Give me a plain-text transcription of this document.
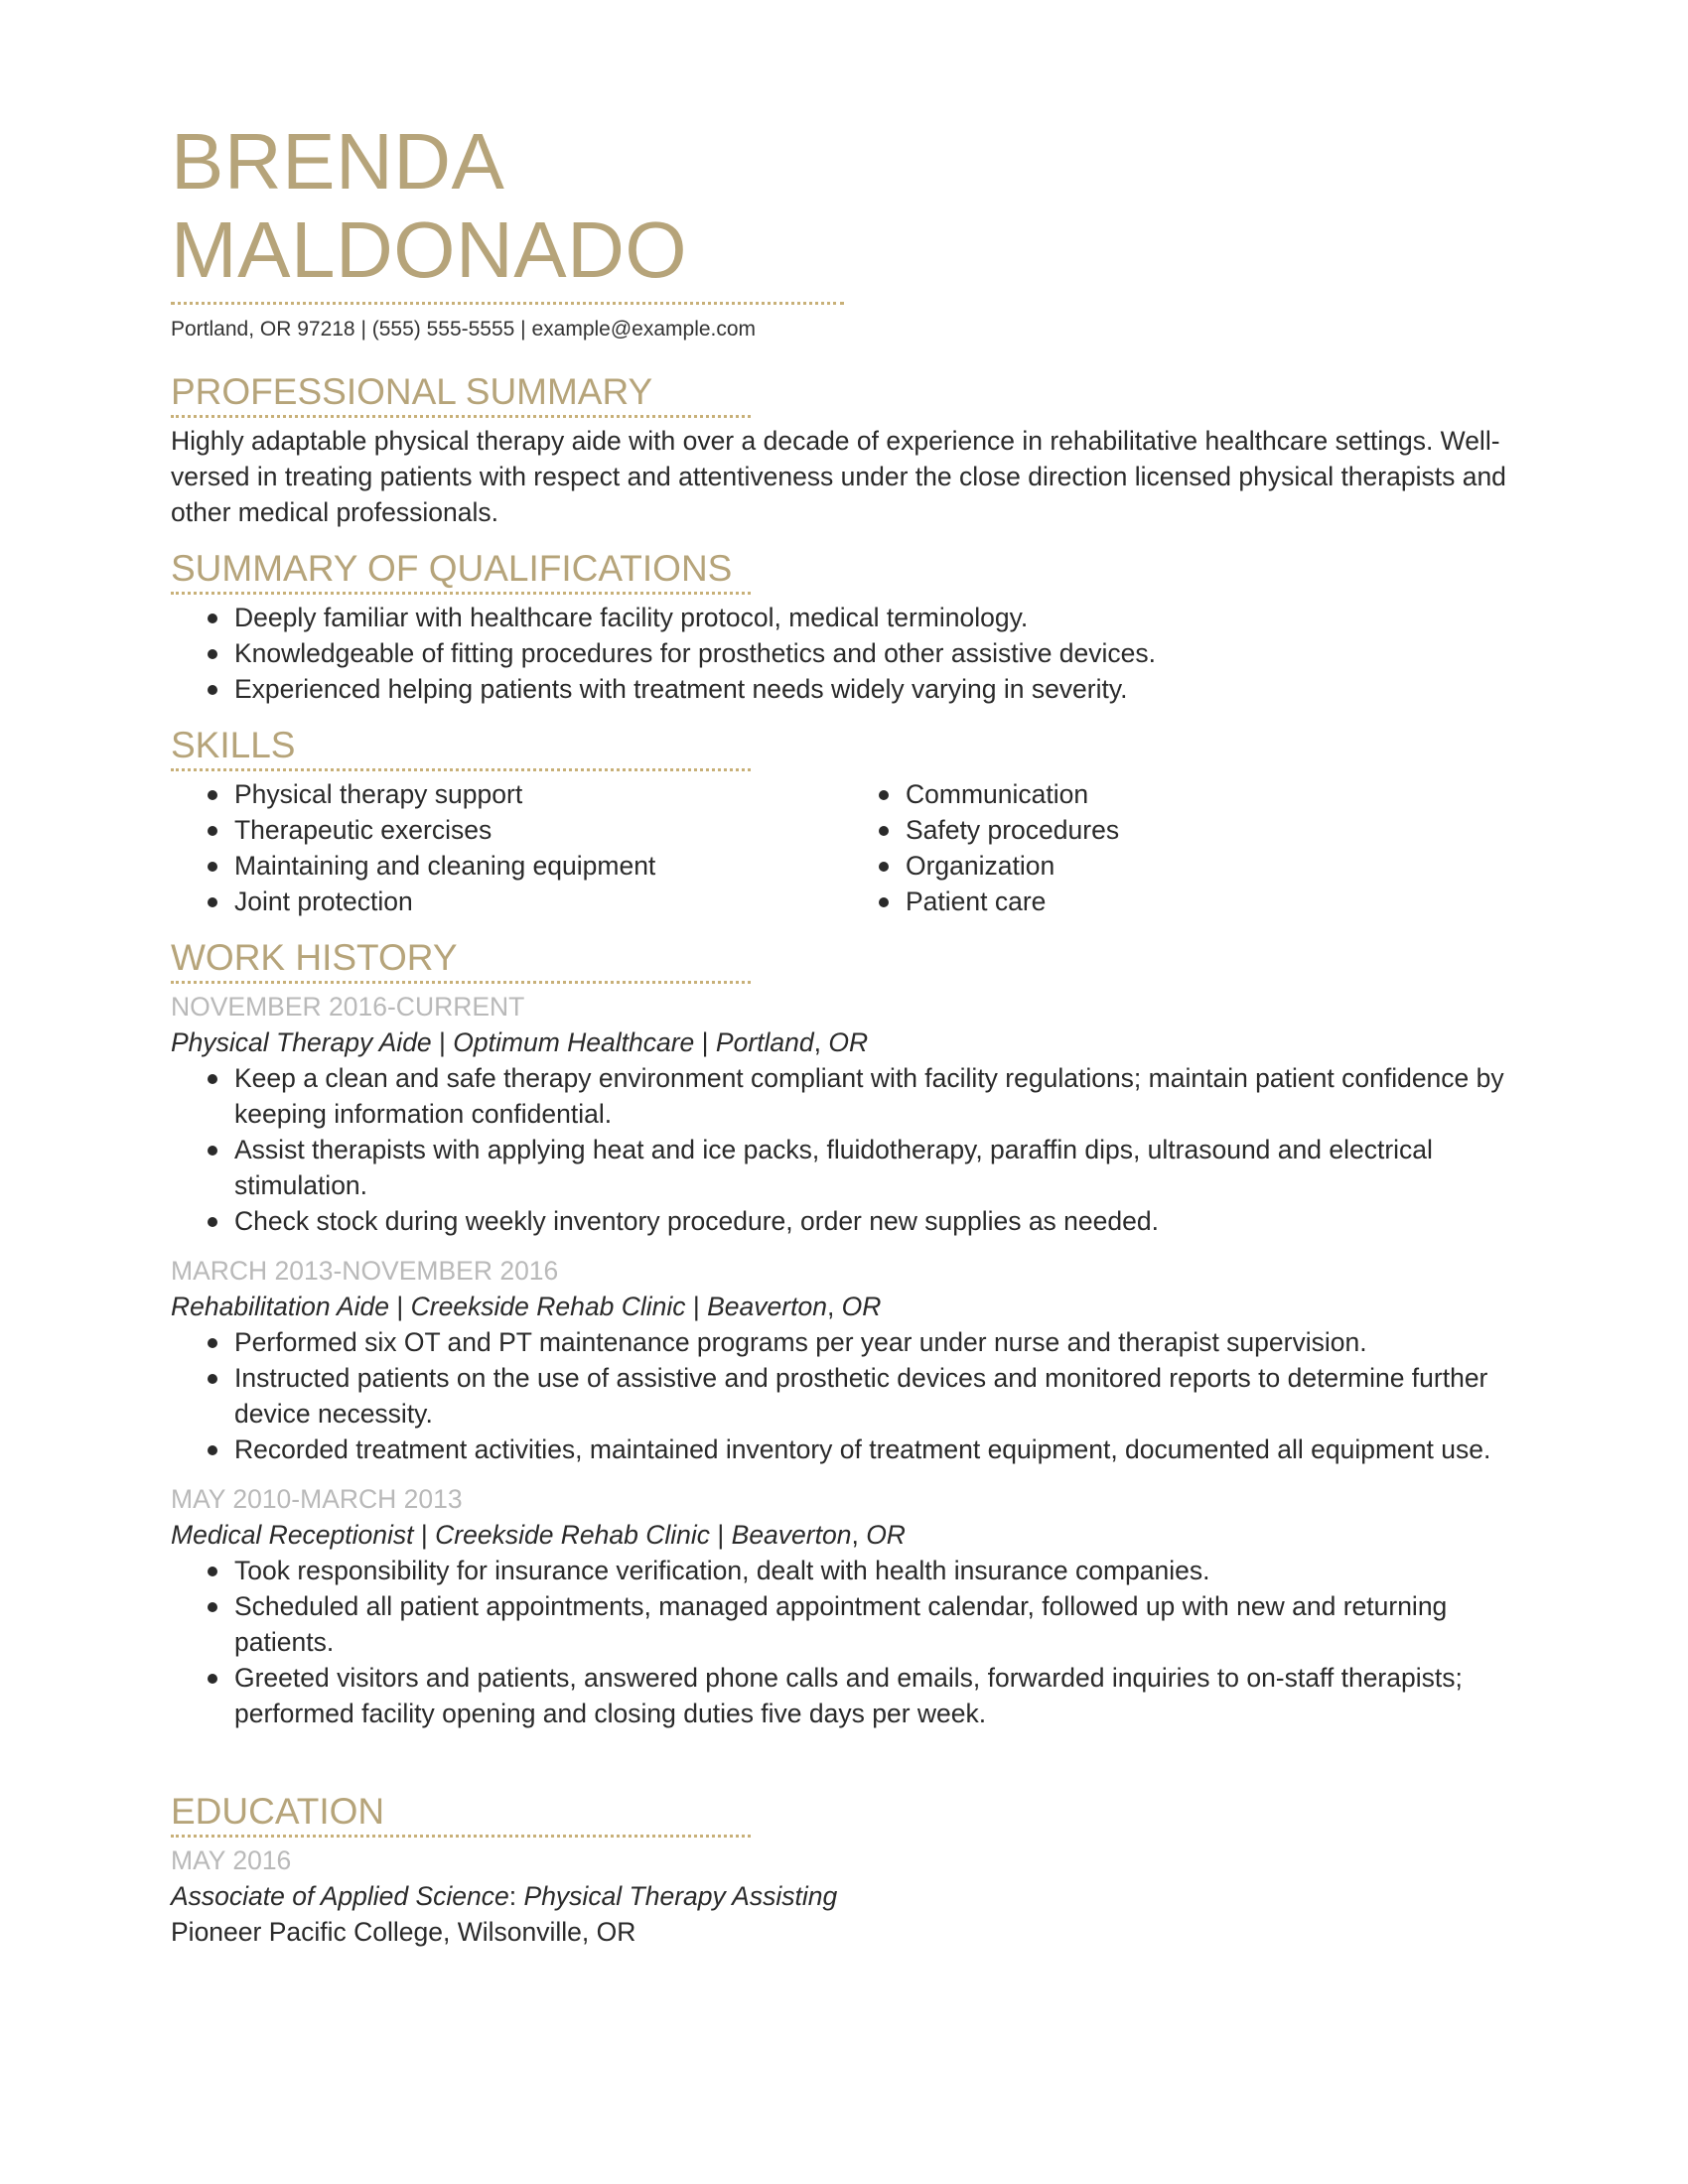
BRENDA
MALDONADO
Portland, OR 97218 | (555) 555-5555 | example@example.com
PROFESSIONAL SUMMARY
Highly adaptable physical therapy aide with over a decade of experience in rehabilitative healthcare settings. Well-versed in treating patients with respect and attentiveness under the close direction licensed physical therapists and other medical professionals.
SUMMARY OF QUALIFICATIONS
Deeply familiar with healthcare facility protocol, medical terminology.
Knowledgeable of fitting procedures for prosthetics and other assistive devices.
Experienced helping patients with treatment needs widely varying in severity.
SKILLS
Physical therapy support
Therapeutic exercises
Maintaining and cleaning equipment
Joint protection
Communication
Safety procedures
Organization
Patient care
WORK HISTORY
NOVEMBER 2016-CURRENT
Physical Therapy Aide | Optimum Healthcare | Portland, OR
Keep a clean and safe therapy environment compliant with facility regulations; maintain patient confidence by keeping information confidential.
Assist therapists with applying heat and ice packs, fluidotherapy, paraffin dips, ultrasound and electrical stimulation.
Check stock during weekly inventory procedure, order new supplies as needed.
MARCH 2013-NOVEMBER 2016
Rehabilitation Aide | Creekside Rehab Clinic | Beaverton, OR
Performed six OT and PT maintenance programs per year under nurse and therapist supervision.
Instructed patients on the use of assistive and prosthetic devices and monitored reports to determine further device necessity.
Recorded treatment activities, maintained inventory of treatment equipment, documented all equipment use.
MAY 2010-MARCH 2013
Medical Receptionist | Creekside Rehab Clinic | Beaverton, OR
Took responsibility for insurance verification, dealt with health insurance companies.
Scheduled all patient appointments, managed appointment calendar, followed up with new and returning patients.
Greeted visitors and patients, answered phone calls and emails, forwarded inquiries to on-staff therapists; performed facility opening and closing duties five days per week.
EDUCATION
MAY 2016
Associate of Applied Science: Physical Therapy Assisting
Pioneer Pacific College, Wilsonville, OR
